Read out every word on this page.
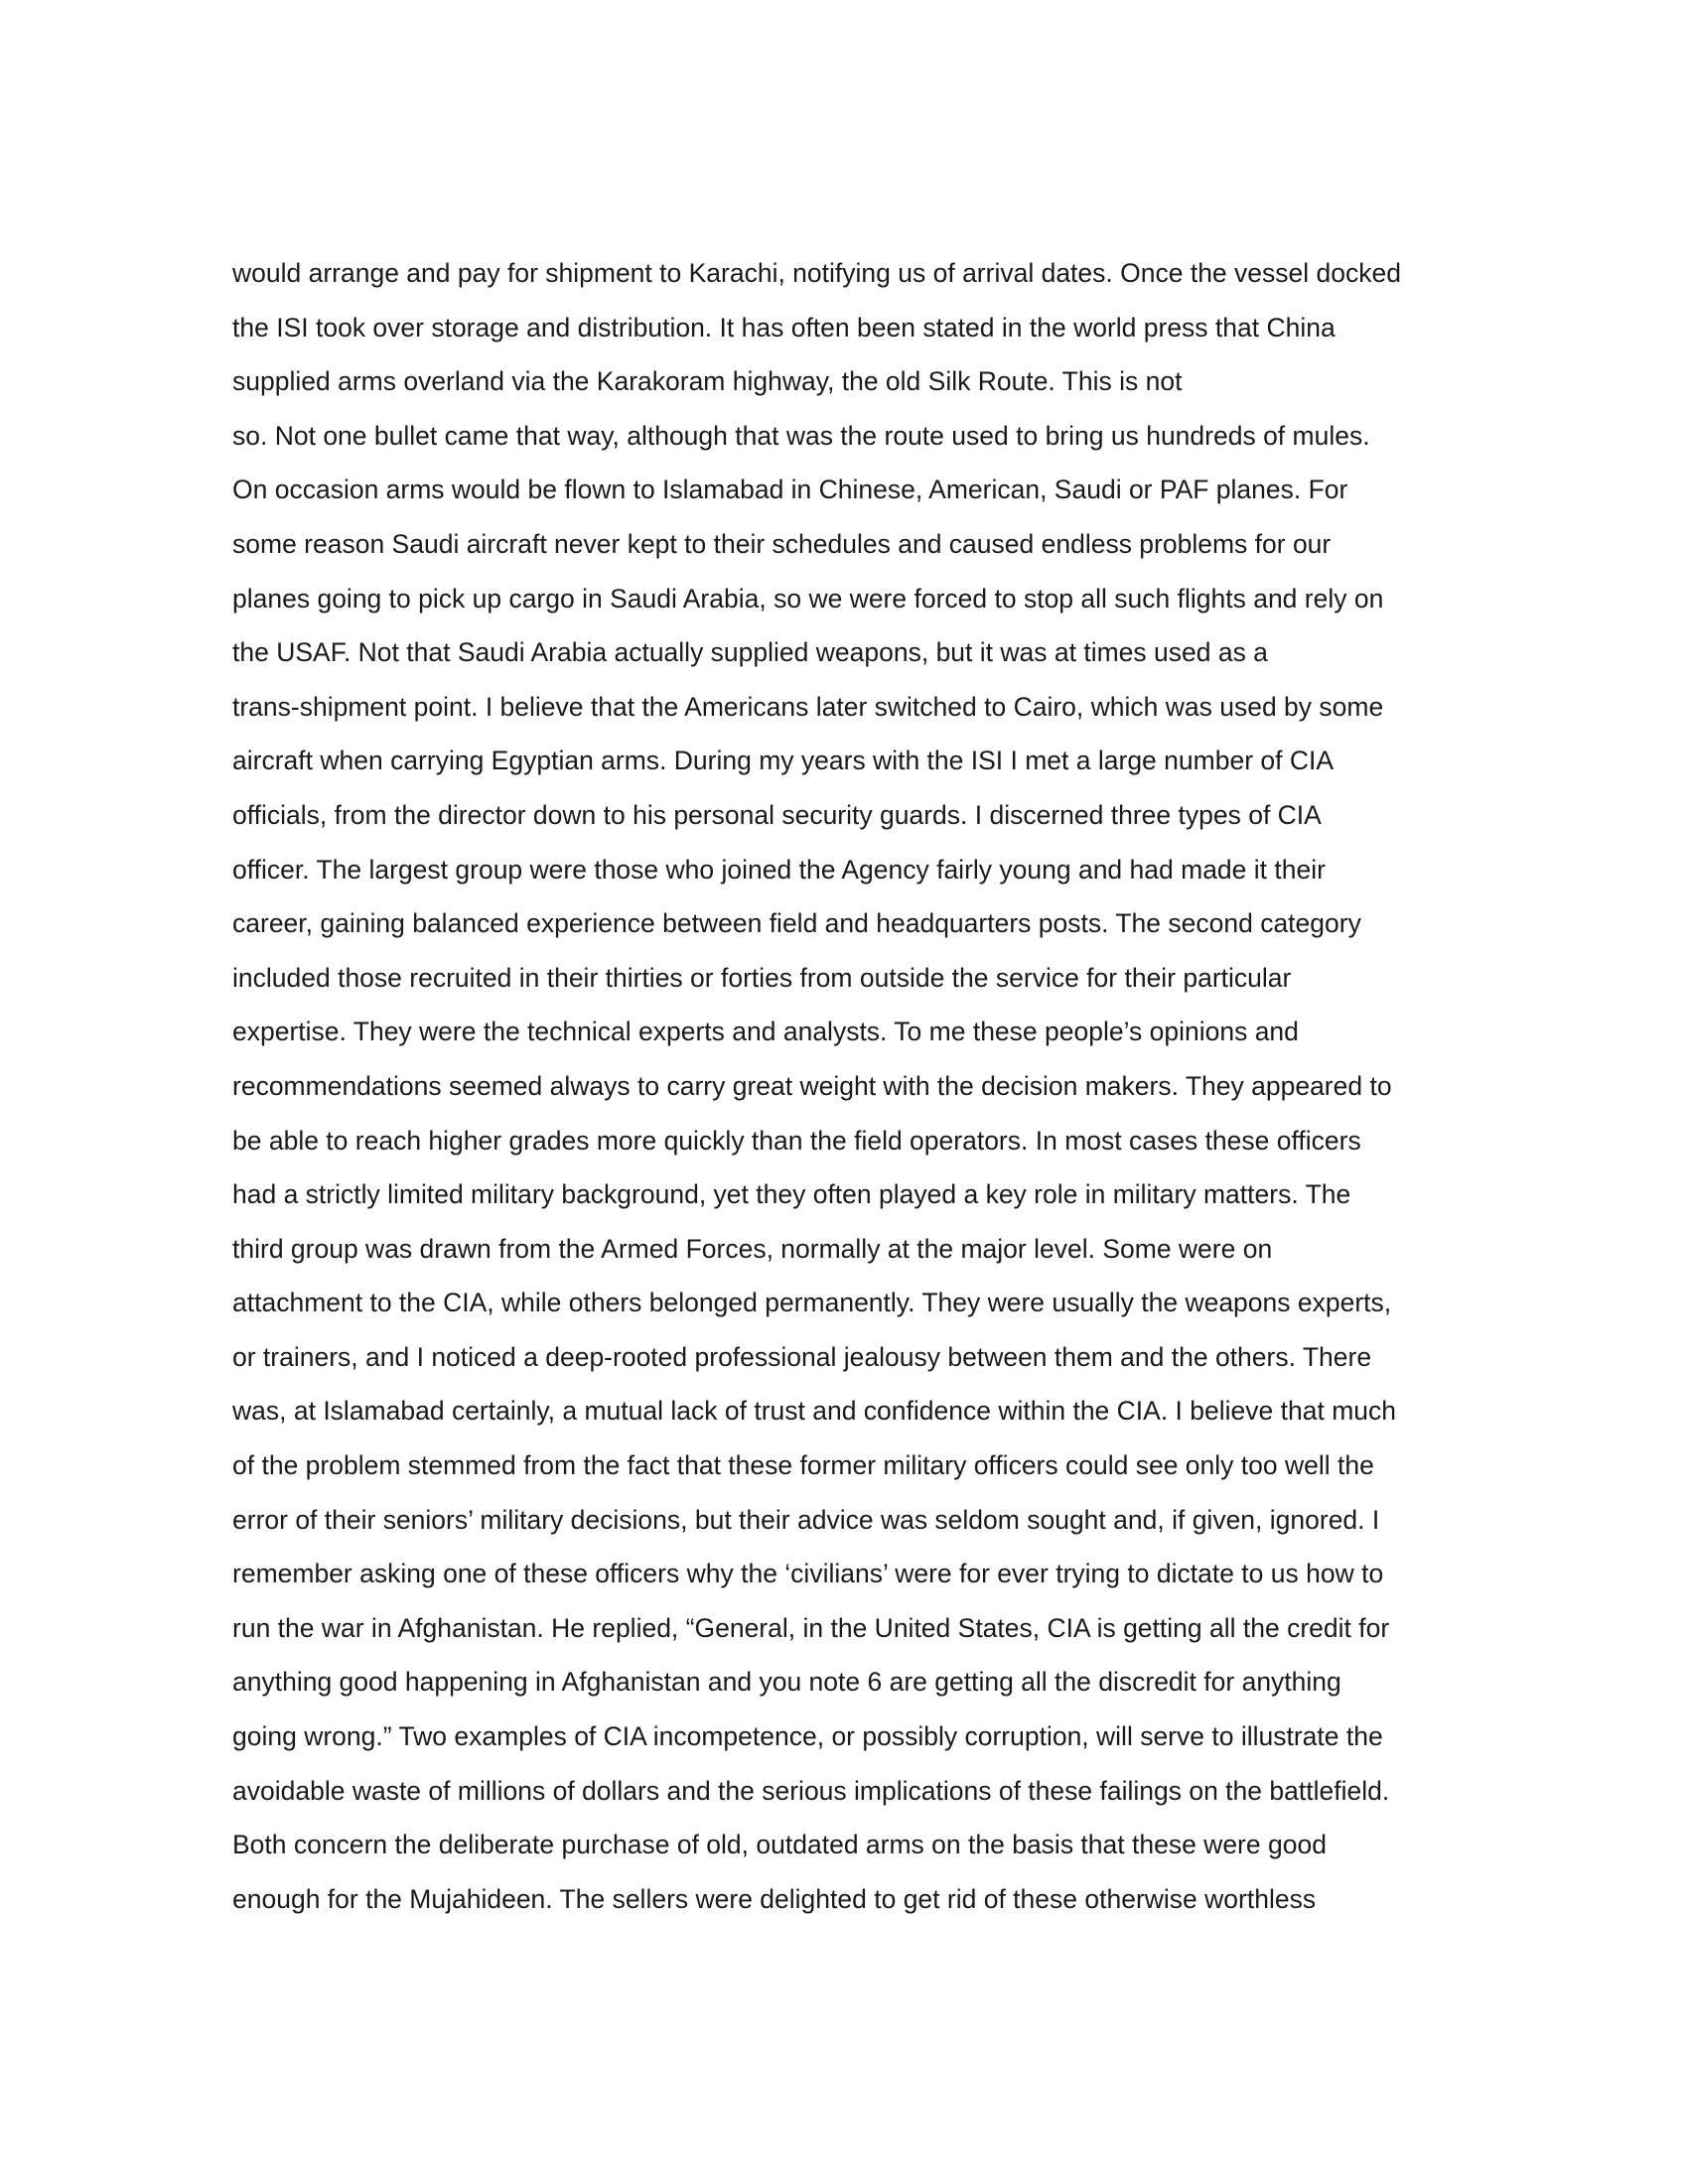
would arrange and pay for shipment to Karachi, notifying us of arrival dates. Once the vessel docked
the ISI took over storage and distribution. It has often been stated in the world press that China
supplied arms overland via the Karakoram highway, the old Silk Route. This is not
so. Not one bullet came that way, although that was the route used to bring us hundreds of mules.
On occasion arms would be flown to Islamabad in Chinese, American, Saudi or PAF planes. For
some reason Saudi aircraft never kept to their schedules and caused endless problems for our
planes going to pick up cargo in Saudi Arabia, so we were forced to stop all such flights and rely on
the USAF. Not that Saudi Arabia actually supplied weapons, but it was at times used as a
trans-shipment point. I believe that the Americans later switched to Cairo, which was used by some
aircraft when carrying Egyptian arms. During my years with the ISI I met a large number of CIA
officials, from the director down to his personal security guards. I discerned three types of CIA
officer. The largest group were those who joined the Agency fairly young and had made it their
career, gaining balanced experience between field and headquarters posts. The second category
included those recruited in their thirties or forties from outside the service for their particular
expertise. They were the technical experts and analysts. To me these people’s opinions and
recommendations seemed always to carry great weight with the decision makers. They appeared to
be able to reach higher grades more quickly than the field operators. In most cases these officers
had a strictly limited military background, yet they often played a key role in military matters. The
third group was drawn from the Armed Forces, normally at the major level. Some were on
attachment to the CIA, while others belonged permanently. They were usually the weapons experts,
or trainers, and I noticed a deep-rooted professional jealousy between them and the others. There
was, at Islamabad certainly, a mutual lack of trust and confidence within the CIA. I believe that much
of the problem stemmed from the fact that these former military officers could see only too well the
error of their seniors’ military decisions, but their advice was seldom sought and, if given, ignored. I
remember asking one of these officers why the ‘civilians’ were for ever trying to dictate to us how to
run the war in Afghanistan. He replied, “General, in the United States, CIA is getting all the credit for
anything good happening in Afghanistan and you note 6 are getting all the discredit for anything
going wrong.” Two examples of CIA incompetence, or possibly corruption, will serve to illustrate the
avoidable waste of millions of dollars and the serious implications of these failings on the battlefield.
Both concern the deliberate purchase of old, outdated arms on the basis that these were good
enough for the Mujahideen. The sellers were delighted to get rid of these otherwise worthless
